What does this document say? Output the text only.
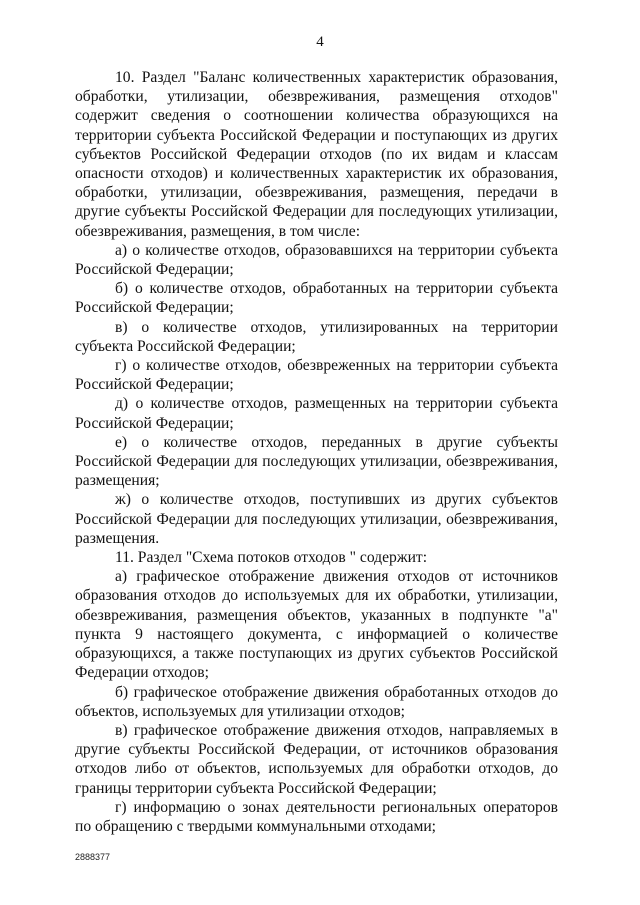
4

10. Раздел "Баланс количественных характеристик образования, обработки, утилизации, обезвреживания, размещения отходов" содержит сведения о соотношении количества образующихся на территории субъекта Российской Федерации и поступающих из других субъектов Российской Федерации отходов (по их видам и классам опасности отходов) и количественных характеристик их образования, обработки, утилизации, обезвреживания, размещения, передачи в другие субъекты Российской Федерации для последующих утилизации, обезвреживания, размещения, в том числе:

а) о количестве отходов, образовавшихся на территории субъекта Российской Федерации;

б) о количестве отходов, обработанных на территории субъекта Российской Федерации;

в) о количестве отходов, утилизированных на территории субъекта Российской Федерации;

г) о количестве отходов, обезвреженных на территории субъекта Российской Федерации;

д) о количестве отходов, размещенных на территории субъекта Российской Федерации;

е) о количестве отходов, переданных в другие субъекты Российской Федерации для последующих утилизации, обезвреживания, размещения;

ж) о количестве отходов, поступивших из других субъектов Российской Федерации для последующих утилизации, обезвреживания, размещения.

11. Раздел "Схема потоков отходов " содержит:

а) графическое отображение движения отходов от источников образования отходов до используемых для их обработки, утилизации, обезвреживания, размещения объектов, указанных в подпункте "а" пункта 9 настоящего документа, с информацией о количестве образующихся, а также поступающих из других субъектов Российской Федерации отходов;

б) графическое отображение движения обработанных отходов до объектов, используемых для утилизации отходов;

в) графическое отображение движения отходов, направляемых в другие субъекты Российской Федерации, от источников образования отходов либо от объектов, используемых для обработки отходов, до границы территории субъекта Российской Федерации;

г) информацию о зонах деятельности региональных операторов по обращению с твердыми коммунальными отходами;

2888377
